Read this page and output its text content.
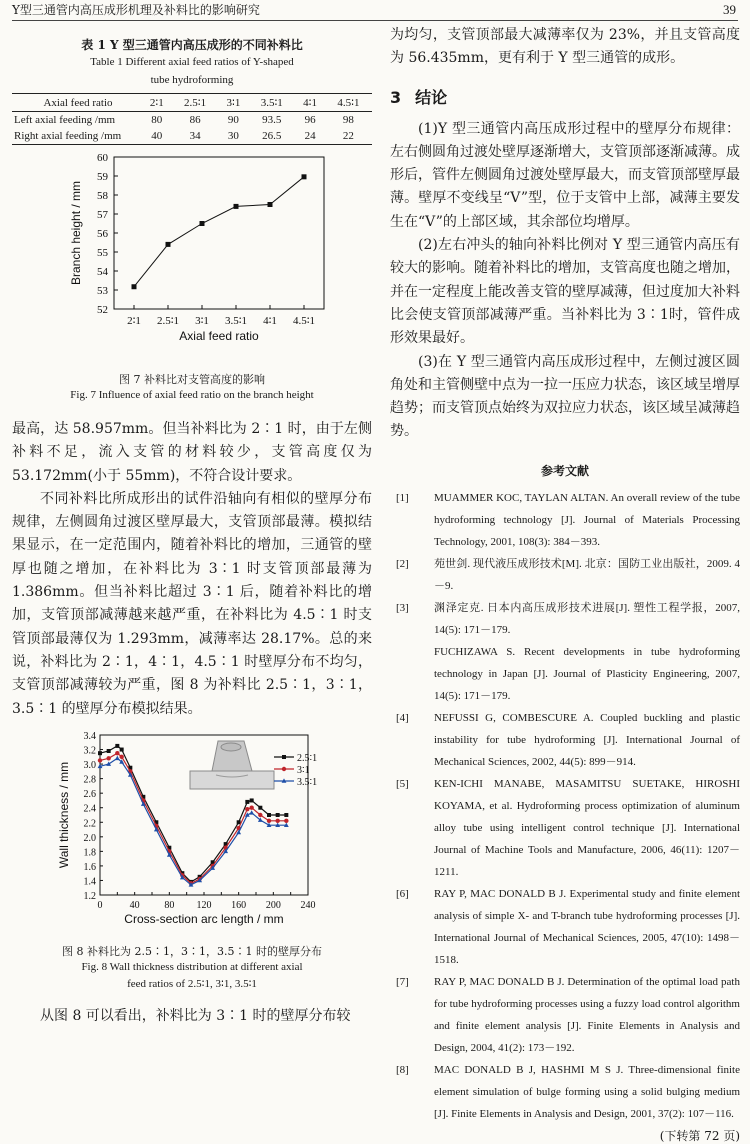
Y型三通管内高压成形机理及补料比的影响研究	39
表 1 Y 型三通管内高压成形的不同补料比
Table 1 Different axial feed ratios of Y-shaped
tube hydroforming
Axial feed ratio	2∶1	2.5∶1	3∶1	3.5∶1	4∶1	4.5∶1
Left axial feeding /mm	80	86	90	93.5	96	98
Right axial feeding /mm	40	34	30	26.5	24	22
52
53
54
55
56
57
58
59
60
2∶1 2.5∶1 3∶1 3.5∶1 4∶1 4.5∶1
Axial feed ratio
Branch height / mm
图 7 补料比对支管高度的影响
Fig. 7 Influence of axial feed ratio on the branch height

最高，达 58.957mm。但当补料比为 2∶1 时，由于左侧补料不足，流入支管的材料较少，支管高度仅为 53.172mm(小于 55mm)，不符合设计要求。

不同补料比所成形出的试件沿轴向有相似的壁厚分布规律，左侧圆角过渡区壁厚最大，支管顶部最薄。模拟结果显示，在一定范围内，随着补料比的增加，三通管的壁厚也随之增加，在补料比为 3∶1 时支管顶部最薄为 1.386mm。但当补料比超过 3∶1 后，随着补料比的增加，支管顶部减薄越来越严重，在补料比为 4.5∶1 时支管顶部最薄仅为 1.293mm，减薄率达 28.17%。总的来说，补料比为 2∶1，4∶1，4.5∶1 时壁厚分布不均匀，支管顶部减薄较为严重，图 8 为补料比 2.5∶1，3∶1，3.5∶1 的壁厚分布模拟结果。

1.2
1.4
1.6
1.8
2.0
2.2
2.4
2.6
2.8
3.0
3.2
3.4
0	40 80 120 160 200 240
2.5∶1
3∶1
3.5∶1
Cross-section arc length / mm
Wall thickness / mm
图 8 补料比为 2.5∶1，3∶1，3.5∶1 时的壁厚分布
Fig. 8 Wall thickness distribution at different axial
feed ratios of 2.5∶1, 3∶1, 3.5∶1

从图 8 可以看出，补料比为 3∶1 时的壁厚分布较

为均匀，支管顶部最大减薄率仅为 23%，并且支管高度为 56.435mm，更有利于 Y 型三通管的成形。

3 结论

(1)Y 型三通管内高压成形过程中的壁厚分布规律：左右侧圆角过渡处壁厚逐渐增大，支管顶部逐渐减薄。成形后，管件左侧圆角过渡处壁厚最大，而支管顶部壁厚最薄。壁厚不变线呈“V”型，位于支管中上部，减薄主要发生在“V”的上部区域，其余部位均增厚。

(2)左右冲头的轴向补料比例对 Y 型三通管内高压有较大的影响。随着补料比的增加，支管高度也随之增加，并在一定程度上能改善支管的壁厚减薄，但过度加大补料比会使支管顶部减薄严重。当补料比为 3∶1时，管件成形效果最好。

(3)在 Y 型三通管内高压成形过程中，左侧过渡区圆角处和主管侧壁中点为一拉一压应力状态，该区域呈增厚趋势；而支管顶点始终为双拉应力状态，该区域呈减薄趋势。

参考文献
[1] MUAMMER KOC, TAYLAN ALTAN. An overall review of the tube hydroforming technology [J]. Journal of Materials Processing Technology, 2001, 108(3): 384－393.
[2] 苑世剑. 现代液压成形技术[M]. 北京：国防工业出版社，2009. 4－9.
[3] 渊泽定克. 日本内高压成形技术进展[J]. 塑性工程学报，2007, 14(5): 171－179.
FUCHIZAWA S. Recent developments in tube hydroforming technology in Japan [J]. Journal of Plasticity Engineering, 2007, 14(5): 171－179.
[4] NEFUSSI G, COMBESCURE A. Coupled buckling and plastic instability for tube hydroforming [J]. International Journal of Mechanical Sciences, 2002, 44(5): 899－914.
[5] KEN-ICHI MANABE, MASAMITSU SUETAKE, HIROSHI KOYAMA, et al. Hydroforming process optimization of aluminum alloy tube using intelligent control technique [J]. International Journal of Machine Tools and Manufacture, 2006, 46(11): 1207－1211.
[6] RAY P, MAC DONALD B J. Experimental study and finite element analysis of simple X- and T-branch tube hydroforming processes [J]. International Journal of Mechanical Sciences, 2005, 47(10): 1498－1518.
[7] RAY P, MAC DONALD B J. Determination of the optimal load path for tube hydroforming processes using a fuzzy load control algorithm and finite element analysis [J]. Finite Elements in Analysis and Design, 2004, 41(2): 173－192.
[8] MAC DONALD B J, HASHMI M S J. Three-dimensional finite element simulation of bulge forming using a solid bulging medium [J]. Finite Elements in Analysis and Design, 2001, 37(2): 107－116.
(下转第 72 页)
